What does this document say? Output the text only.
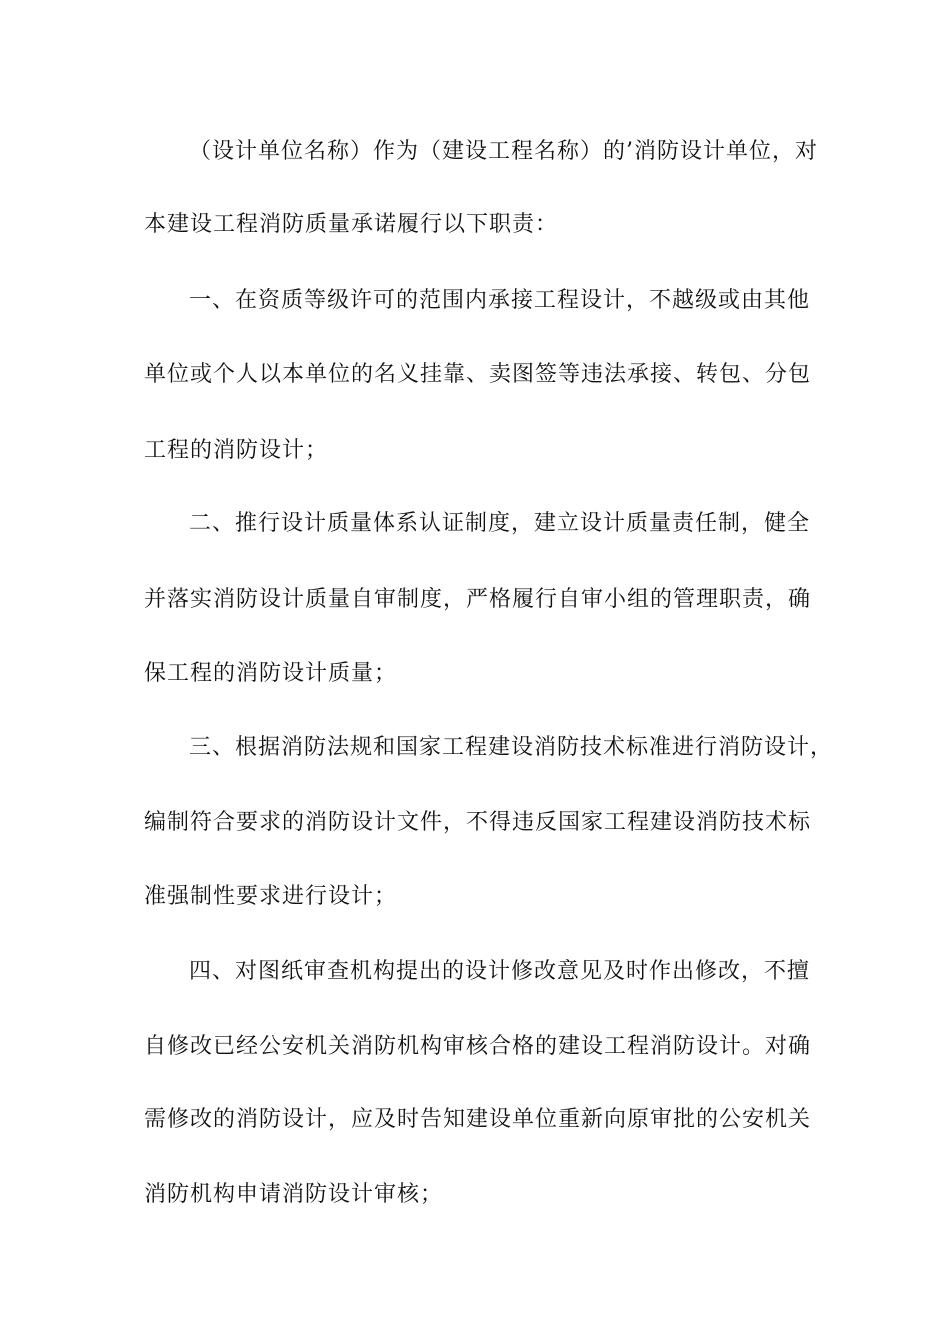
（设计单位名称）作为（建设工程名称）的’消防设计单位，对
本建设工程消防质量承诺履行以下职责：
一、在资质等级许可的范围内承接工程设计，不越级或由其他
单位或个人以本单位的名义挂靠、卖图签等违法承接、转包、分包
工程的消防设计；
二、推行设计质量体系认证制度，建立设计质量责任制，健全
并落实消防设计质量自审制度，严格履行自审小组的管理职责，确
保工程的消防设计质量；
三、根据消防法规和国家工程建设消防技术标准进行消防设计，
编制符合要求的消防设计文件，不得违反国家工程建设消防技术标
准强制性要求进行设计；
四、对图纸审查机构提出的设计修改意见及时作出修改，不擅
自修改已经公安机关消防机构审核合格的建设工程消防设计。对确
需修改的消防设计，应及时告知建设单位重新向原审批的公安机关
消防机构申请消防设计审核；
